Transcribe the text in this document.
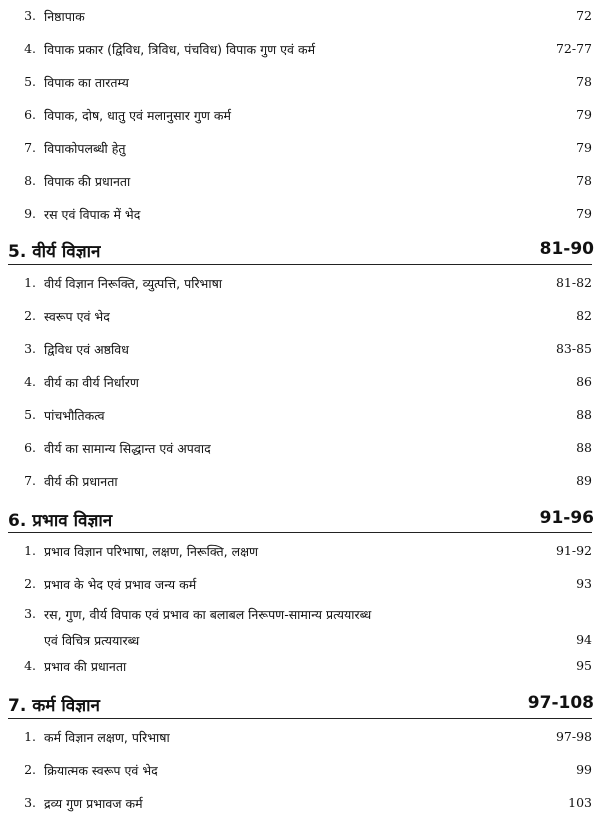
3. निष्ठापाक	72
4. विपाक प्रकार (द्विविध, त्रिविध, पंचविध) विपाक गुण एवं कर्म	72-77
5. विपाक का तारतम्य	78
6. विपाक, दोष, धातु एवं मलानुसार गुण कर्म	79
7. विपाकोपलब्धी हेतु	79
8. विपाक की प्रधानता	78
9. रस एवं विपाक में भेद	79
5. वीर्य विज्ञान	81-90
1. वीर्य विज्ञान निरूक्ति, व्युत्पत्ति, परिभाषा	81-82
2. स्वरूप एवं भेद	82
3. द्विविध एवं अष्ठविध	83-85
4. वीर्य का वीर्य निर्धारण	86
5. पांचभौतिकत्व	88
6. वीर्य का सामान्य सिद्धान्त एवं अपवाद	88
7. वीर्य की प्रधानता	89
6. प्रभाव विज्ञान	91-96
1. प्रभाव विज्ञान परिभाषा, लक्षण, निरूक्ति, लक्षण	91-92
2. प्रभाव के भेद एवं प्रभाव जन्य कर्म	93
3. रस, गुण, वीर्य विपाक एवं प्रभाव का बलाबल निरूपण-सामान्य प्रत्ययारब्ध
एवं विचित्र प्रत्ययारब्ध	94
4. प्रभाव की प्रधानता	95
7. कर्म विज्ञान	97-108
1. कर्म विज्ञान लक्षण, परिभाषा	97-98
2. क्रियात्मक स्वरूप एवं भेद	99
3. द्रव्य गुण प्रभावज कर्म	103
